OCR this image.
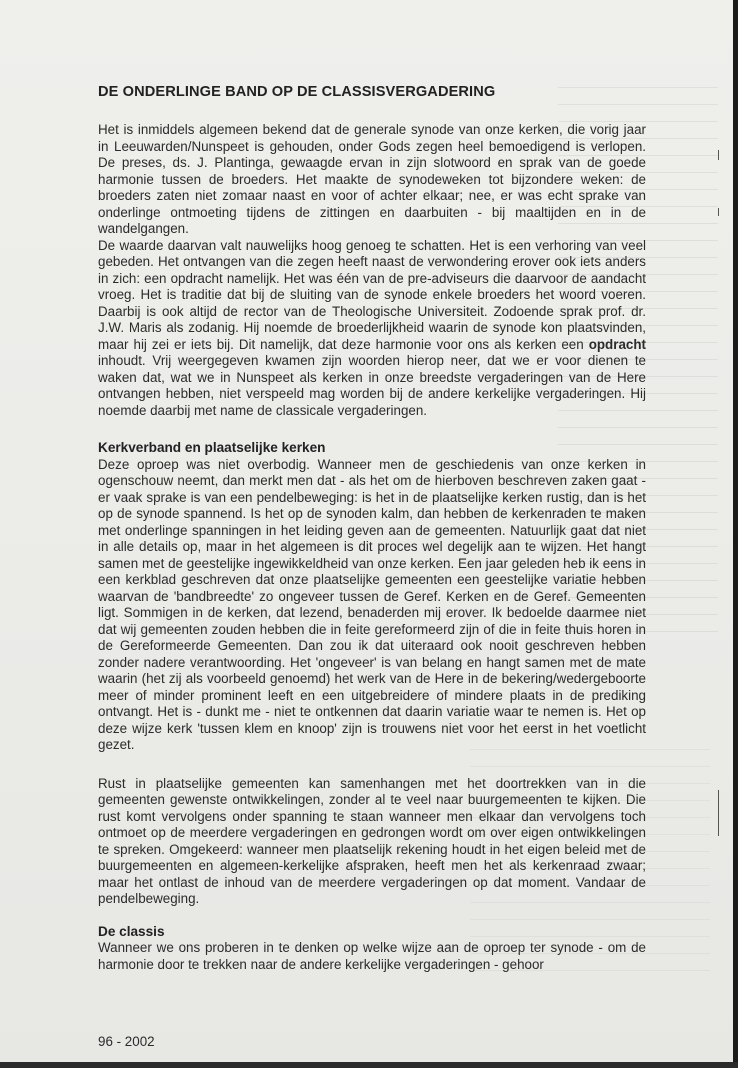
DE ONDERLINGE BAND OP DE CLASSISVERGADERING

Het is inmiddels algemeen bekend dat de generale synode van onze kerken, die vorig jaar in Leeuwarden/Nunspeet is gehouden, onder Gods zegen heel bemoedigend is verlopen. De preses, ds. J. Plantinga, gewaagde ervan in zijn slotwoord en sprak van de goede harmonie tussen de broeders. Het maakte de synodeweken tot bijzondere weken: de broeders zaten niet zomaar naast en voor of achter elkaar; nee, er was echt sprake van onderlinge ontmoeting tijdens de zittingen en daarbuiten - bij maaltijden en in de wandelgangen.

De waarde daarvan valt nauwelijks hoog genoeg te schatten. Het is een verhoring van veel gebeden. Het ontvangen van die zegen heeft naast de verwondering erover ook iets anders in zich: een opdracht namelijk. Het was één van de pre-adviseurs die daarvoor de aandacht vroeg. Het is traditie dat bij de sluiting van de synode enkele broeders het woord voeren. Daarbij is ook altijd de rector van de Theologische Universiteit. Zodoende sprak prof. dr. J.W. Maris als zodanig. Hij noemde de broederlijkheid waarin de synode kon plaatsvinden, maar hij zei er iets bij. Dit namelijk, dat deze harmonie voor ons als kerken een opdracht inhoudt. Vrij weergegeven kwamen zijn woorden hierop neer, dat we er voor dienen te waken dat, wat we in Nunspeet als kerken in onze breedste vergaderingen van de Here ontvangen hebben, niet verspeeld mag worden bij de andere kerkelijke vergaderingen. Hij noemde daarbij met name de classicale vergaderingen.

Kerkverband en plaatselijke kerken

Deze oproep was niet overbodig. Wanneer men de geschiedenis van onze kerken in ogenschouw neemt, dan merkt men dat - als het om de hierboven beschreven zaken gaat - er vaak sprake is van een pendelbeweging: is het in de plaatselijke kerken rustig, dan is het op de synode spannend. Is het op de synoden kalm, dan hebben de kerkenraden te maken met onderlinge spanningen in het leiding geven aan de gemeenten. Natuurlijk gaat dat niet in alle details op, maar in het algemeen is dit proces wel degelijk aan te wijzen. Het hangt samen met de geestelijke ingewikkeldheid van onze kerken. Een jaar geleden heb ik eens in een kerkblad geschreven dat onze plaatselijke gemeenten een geestelijke variatie hebben waarvan de 'bandbreedte' zo ongeveer tussen de Geref. Kerken en de Geref. Gemeenten ligt. Sommigen in de kerken, dat lezend, benaderden mij erover. Ik bedoelde daarmee niet dat wij gemeenten zouden hebben die in feite gereformeerd zijn of die in feite thuis horen in de Gereformeerde Gemeenten. Dan zou ik dat uiteraard ook nooit geschreven hebben zonder nadere verantwoording. Het 'ongeveer' is van belang en hangt samen met de mate waarin (het zij als voorbeeld genoemd) het werk van de Here in de bekering/wedergeboorte meer of minder prominent leeft en een uitgebreidere of mindere plaats in de prediking ontvangt. Het is - dunkt me - niet te ontkennen dat daarin variatie waar te nemen is. Het op deze wijze kerk 'tussen klem en knoop' zijn is trouwens niet voor het eerst in het voetlicht gezet.

Rust in plaatselijke gemeenten kan samenhangen met het doortrekken van in die gemeenten gewenste ontwikkelingen, zonder al te veel naar buurgemeenten te kijken. Die rust komt vervolgens onder spanning te staan wanneer men elkaar dan vervolgens toch ontmoet op de meerdere vergaderingen en gedrongen wordt om over eigen ontwikkelingen te spreken. Omgekeerd: wanneer men plaatselijk rekening houdt in het eigen beleid met de buurgemeenten en algemeen-kerkelijke afspraken, heeft men het als kerkenraad zwaar; maar het ontlast de inhoud van de meerdere vergaderingen op dat moment. Vandaar de pendelbeweging.

De classis

Wanneer we ons proberen in te denken op welke wijze aan de oproep ter synode - om de harmonie door te trekken naar de andere kerkelijke vergaderingen - gehoor

96 - 2002
